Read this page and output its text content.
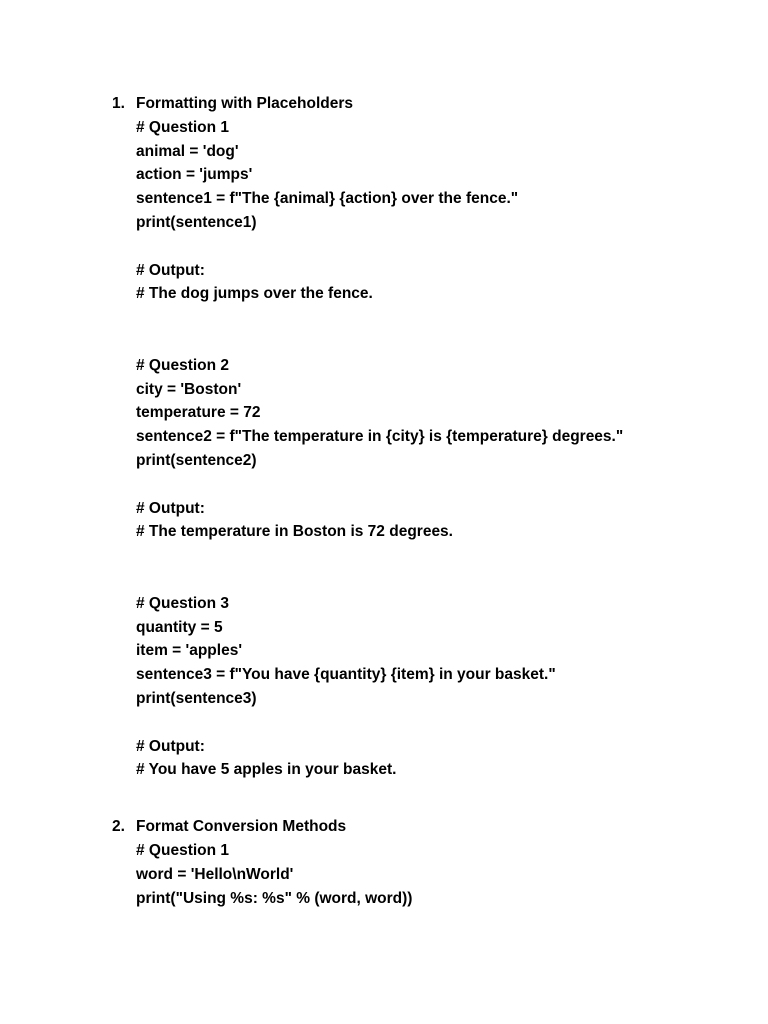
1. Formatting with Placeholders
# Question 1
animal = 'dog'
action = 'jumps'
sentence1 = f"The {animal} {action} over the fence."
print(sentence1)
# Output:
# The dog jumps over the fence.
# Question 2
city = 'Boston'
temperature = 72
sentence2 = f"The temperature in {city} is {temperature} degrees."
print(sentence2)
# Output:
# The temperature in Boston is 72 degrees.
# Question 3
quantity = 5
item = 'apples'
sentence3 = f"You have {quantity} {item} in your basket."
print(sentence3)
# Output:
# You have 5 apples in your basket.
2. Format Conversion Methods
# Question 1
word = 'Hello\nWorld'
print("Using %s: %s" % (word, word))
